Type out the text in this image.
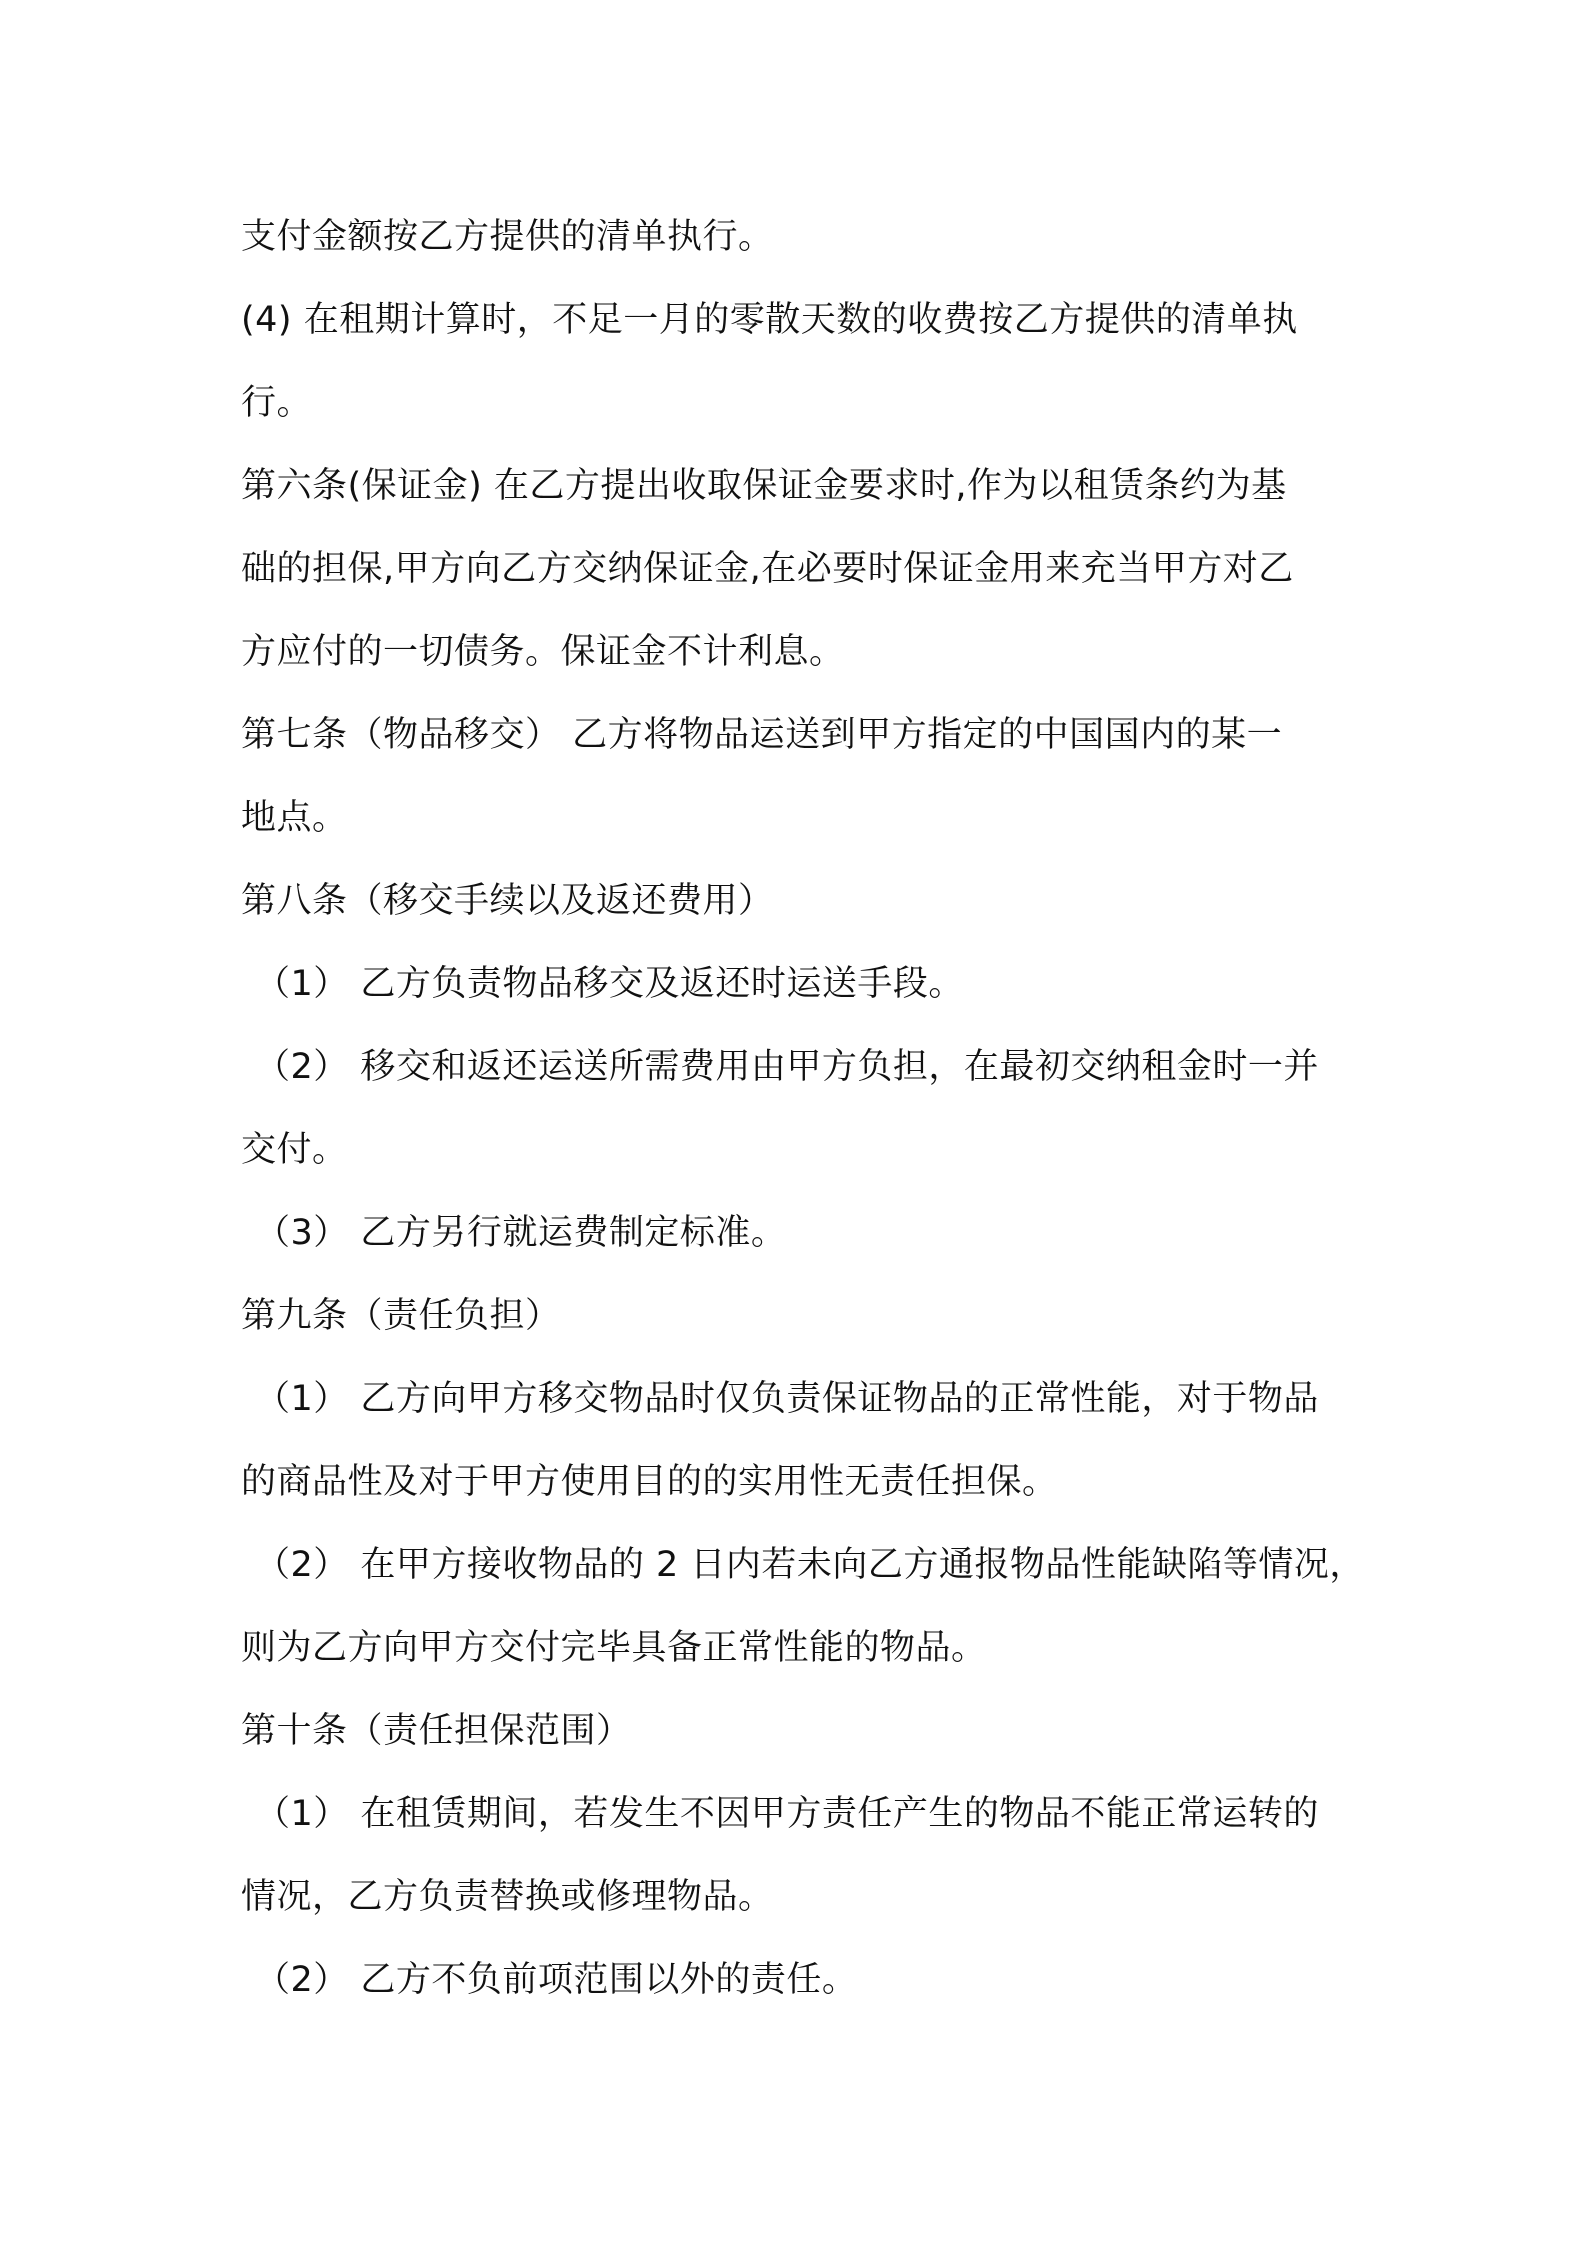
支付金额按乙方提供的清单执行。

(4) 在租期计算时，不足一月的零散天数的收费按乙方提供的清单执

行。

第六条(保证金) 在乙方提出收取保证金要求时,作为以租赁条约为基

础的担保,甲方向乙方交纳保证金,在必要时保证金用来充当甲方对乙

方应付的一切债务。保证金不计利息。

第七条（物品移交） 乙方将物品运送到甲方指定的中国国内的某一

地点。

第八条（移交手续以及返还费用）

（1） 乙方负责物品移交及返还时运送手段。

（2） 移交和返还运送所需费用由甲方负担，在最初交纳租金时一并

交付。

（3） 乙方另行就运费制定标准。

第九条（责任负担）

（1） 乙方向甲方移交物品时仅负责保证物品的正常性能，对于物品

的商品性及对于甲方使用目的的实用性无责任担保。

（2） 在甲方接收物品的 2 日内若未向乙方通报物品性能缺陷等情况，

则为乙方向甲方交付完毕具备正常性能的物品。

第十条（责任担保范围）

（1） 在租赁期间，若发生不因甲方责任产生的物品不能正常运转的

情况，乙方负责替换或修理物品。

（2） 乙方不负前项范围以外的责任。
